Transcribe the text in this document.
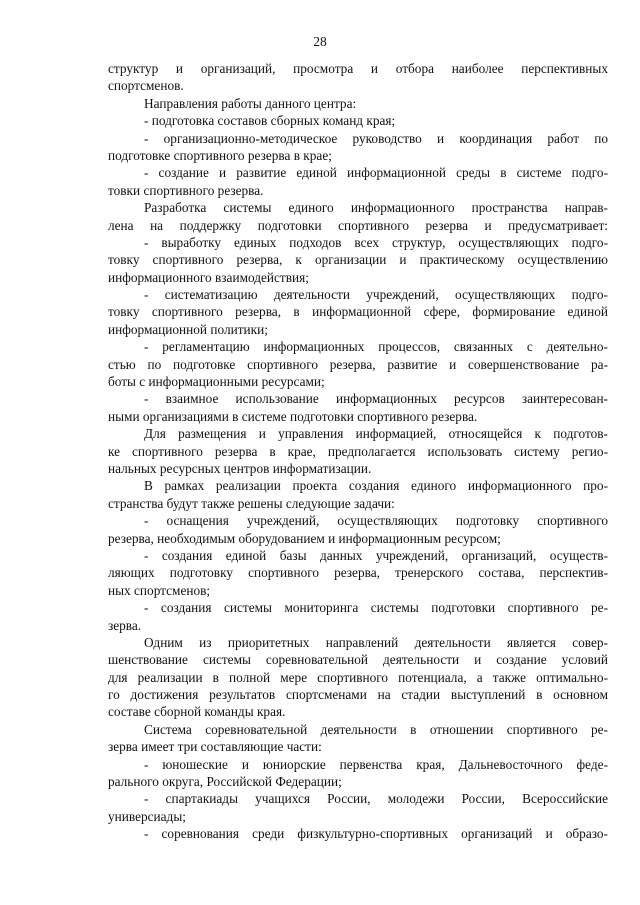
28
структур и организаций, просмотра и отбора наиболее перспективных
спортсменов.
Направления работы данного центра:
- подготовка составов сборных команд края;
- организационно-методическое руководство и координация работ по
подготовке спортивного резерва в крае;
- создание и развитие единой информационной среды в системе подго-
товки спортивного резерва.
Разработка системы единого информационного пространства направ-
лена на поддержку подготовки спортивного резерва и предусматривает:
- выработку единых подходов всех структур, осуществляющих подго-
товку спортивного резерва, к организации и практическому осуществлению
информационного взаимодействия;
- систематизацию деятельности учреждений, осуществляющих подго-
товку спортивного резерва, в информационной сфере, формирование единой
информационной политики;
- регламентацию информационных процессов, связанных с деятельно-
стью по подготовке спортивного резерва, развитие и совершенствование ра-
боты с информационными ресурсами;
- взаимное использование информационных ресурсов заинтересован-
ными организациями в системе подготовки спортивного резерва.
Для размещения и управления информацией, относящейся к подготов-
ке спортивного резерва в крае, предполагается использовать систему регио-
нальных ресурсных центров информатизации.
В рамках реализации проекта создания единого информационного про-
странства будут также решены следующие задачи:
- оснащения учреждений, осуществляющих подготовку спортивного
резерва, необходимым оборудованием и информационным ресурсом;
- создания единой базы данных учреждений, организаций, осуществ-
ляющих подготовку спортивного резерва, тренерского состава, перспектив-
ных спортсменов;
- создания системы мониторинга системы подготовки спортивного ре-
зерва.
Одним из приоритетных направлений деятельности является совер-
шенствование системы соревновательной деятельности и создание условий
для реализации в полной мере спортивного потенциала, а также оптимально-
го достижения результатов спортсменами на стадии выступлений в основном
составе сборной команды края.
Система соревновательной деятельности в отношении спортивного ре-
зерва имеет три составляющие части:
- юношеские и юниорские первенства края, Дальневосточного феде-
рального округа, Российской Федерации;
- спартакиады учащихся России, молодежи России, Всероссийские
универсиады;
- соревнования среди физкультурно-спортивных организаций и образо-
